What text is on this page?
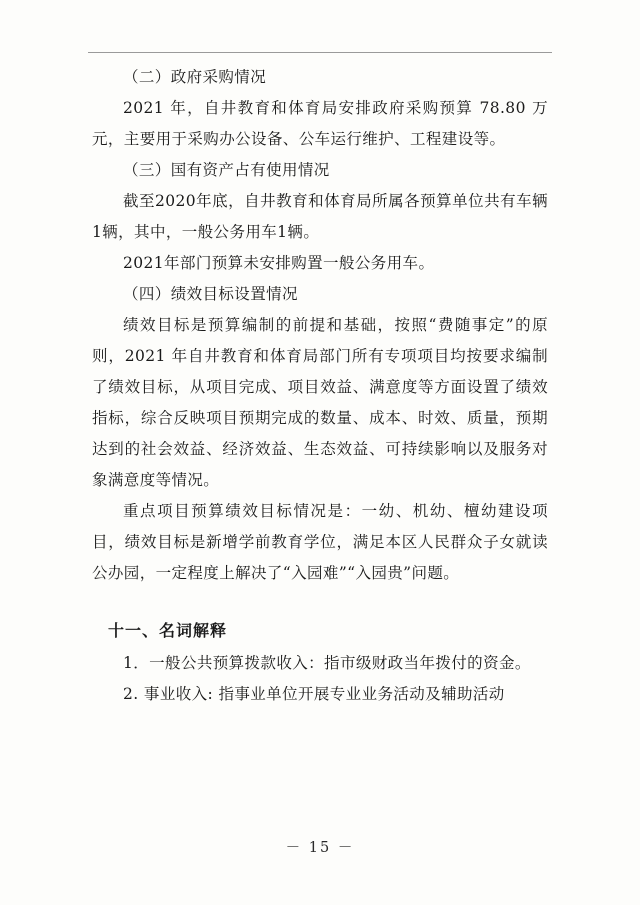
（二）政府采购情况

2021 年，自井教育和体育局安排政府采购预算 78.80 万元，主要用于采购办公设备、公车运行维护、工程建设等。

（三）国有资产占有使用情况

截至2020年底，自井教育和体育局所属各预算单位共有车辆1辆，其中，一般公务用车1辆。

2021年部门预算未安排购置一般公务用车。

（四）绩效目标设置情况

绩效目标是预算编制的前提和基础，按照“费随事定”的原则，2021 年自井教育和体育局部门所有专项项目均按要求编制了绩效目标，从项目完成、项目效益、满意度等方面设置了绩效指标，综合反映项目预期完成的数量、成本、时效、质量，预期达到的社会效益、经济效益、生态效益、可持续影响以及服务对象满意度等情况。

重点项目预算绩效目标情况是：一幼、机幼、檀幼建设项目，绩效目标是新增学前教育学位，满足本区人民群众子女就读公办园，一定程度上解决了“入园难”“入园贵”问题。

十一、名词解释

1．一般公共预算拨款收入：指市级财政当年拨付的资金。

2. 事业收入: 指事业单位开展专业业务活动及辅助活动

－ 15 －
